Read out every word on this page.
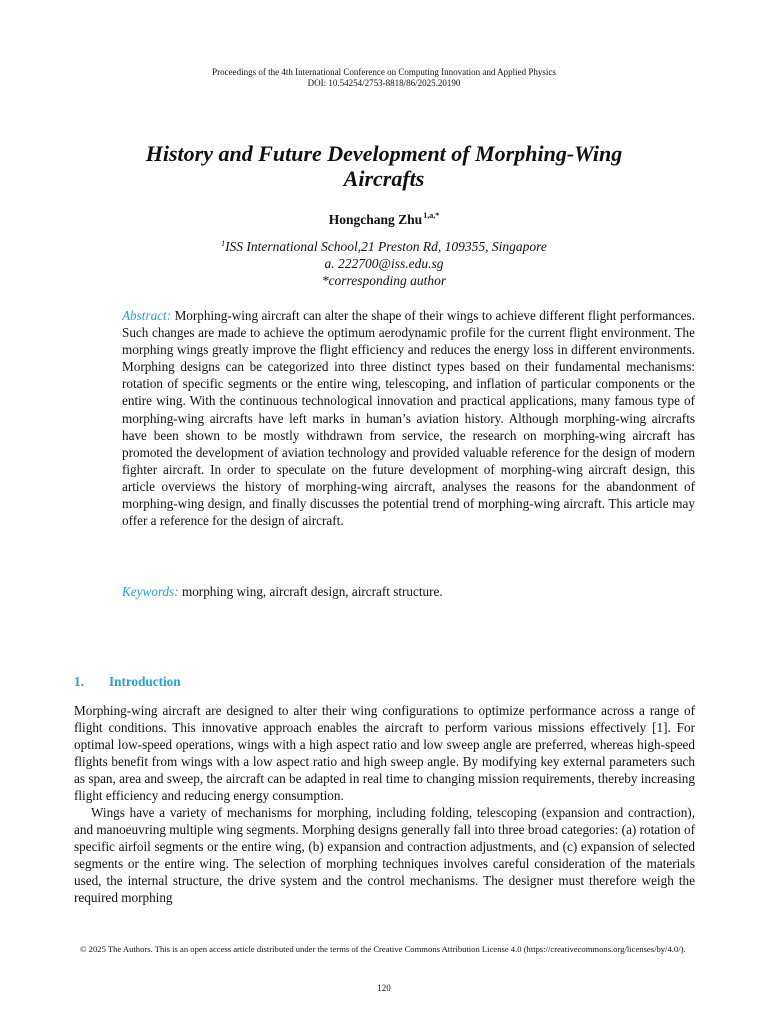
Proceedings of the 4th International Conference on Computing Innovation and Applied Physics
DOI: 10.54254/2753-8818/86/2025.20190
History and Future Development of Morphing-Wing
Aircrafts
Hongchang Zhu$^{1,a,*}$
$^1$ISS International School,21 Preston Rd, 109355, Singapore
a. 222700@iss.edu.sg
*corresponding author
Abstract: Morphing-wing aircraft can alter the shape of their wings to achieve different flight performances. Such changes are made to achieve the optimum aerodynamic profile for the current flight environment. The morphing wings greatly improve the flight efficiency and reduces the energy loss in different environments. Morphing designs can be categorized into three distinct types based on their fundamental mechanisms: rotation of specific segments or the entire wing, telescoping, and inflation of particular components or the entire wing. With the continuous technological innovation and practical applications, many famous type of morphing-wing aircrafts have left marks in human’s aviation history. Although morphing-wing aircrafts have been shown to be mostly withdrawn from service, the research on morphing-wing aircraft has promoted the development of aviation technology and provided valuable reference for the design of modern fighter aircraft. In order to speculate on the future development of morphing-wing aircraft design, this article overviews the history of morphing-wing aircraft, analyses the reasons for the abandonment of morphing-wing design, and finally discusses the potential trend of morphing-wing aircraft. This article may offer a reference for the design of aircraft.
Keywords: morphing wing, aircraft design, aircraft structure.
1. Introduction

Morphing-wing aircraft are designed to alter their wing configurations to optimize performance across a range of flight conditions. This innovative approach enables the aircraft to perform various missions effectively [1]. For optimal low-speed operations, wings with a high aspect ratio and low sweep angle are preferred, whereas high-speed flights benefit from wings with a low aspect ratio and high sweep angle. By modifying key external parameters such as span, area and sweep, the aircraft can be adapted in real time to changing mission requirements, thereby increasing flight efficiency and reducing energy consumption.

Wings have a variety of mechanisms for morphing, including folding, telescoping (expansion and contraction), and manoeuvring multiple wing segments. Morphing designs generally fall into three broad categories: (a) rotation of specific airfoil segments or the entire wing, (b) expansion and contraction adjustments, and (c) expansion of selected segments or the entire wing. The selection of morphing techniques involves careful consideration of the materials used, the internal structure, the drive system and the control mechanisms. The designer must therefore weigh the required morphing

© 2025 The Authors. This is an open access article distributed under the terms of the Creative Commons Attribution License 4.0 (https://creativecommons.org/licenses/by/4.0/).
120
